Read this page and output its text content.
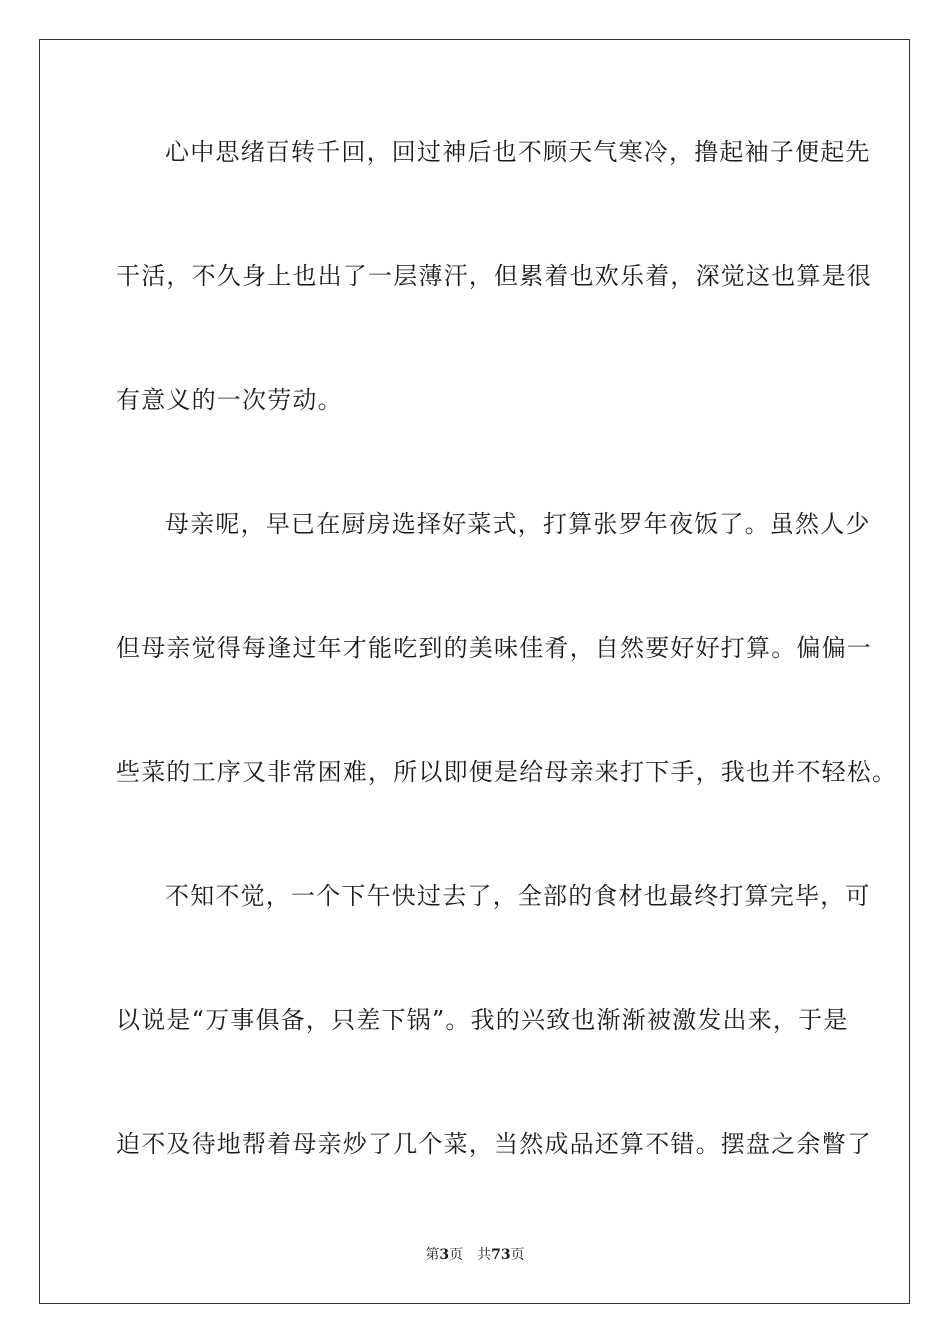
心中思绪百转千回，回过神后也不顾天气寒冷，撸起袖子便起先
干活，不久身上也出了一层薄汗，但累着也欢乐着，深觉这也算是很
有意义的一次劳动。
母亲呢，早已在厨房选择好菜式，打算张罗年夜饭了。虽然人少
但母亲觉得每逢过年才能吃到的美味佳肴，自然要好好打算。偏偏一
些菜的工序又非常困难，所以即便是给母亲来打下手，我也并不轻松。
不知不觉，一个下午快过去了，全部的食材也最终打算完毕，可
以说是“万事俱备，只差下锅”。我的兴致也渐渐被激发出来，于是
迫不及待地帮着母亲炒了几个菜，当然成品还算不错。摆盘之余瞥了
第3页 共73页
